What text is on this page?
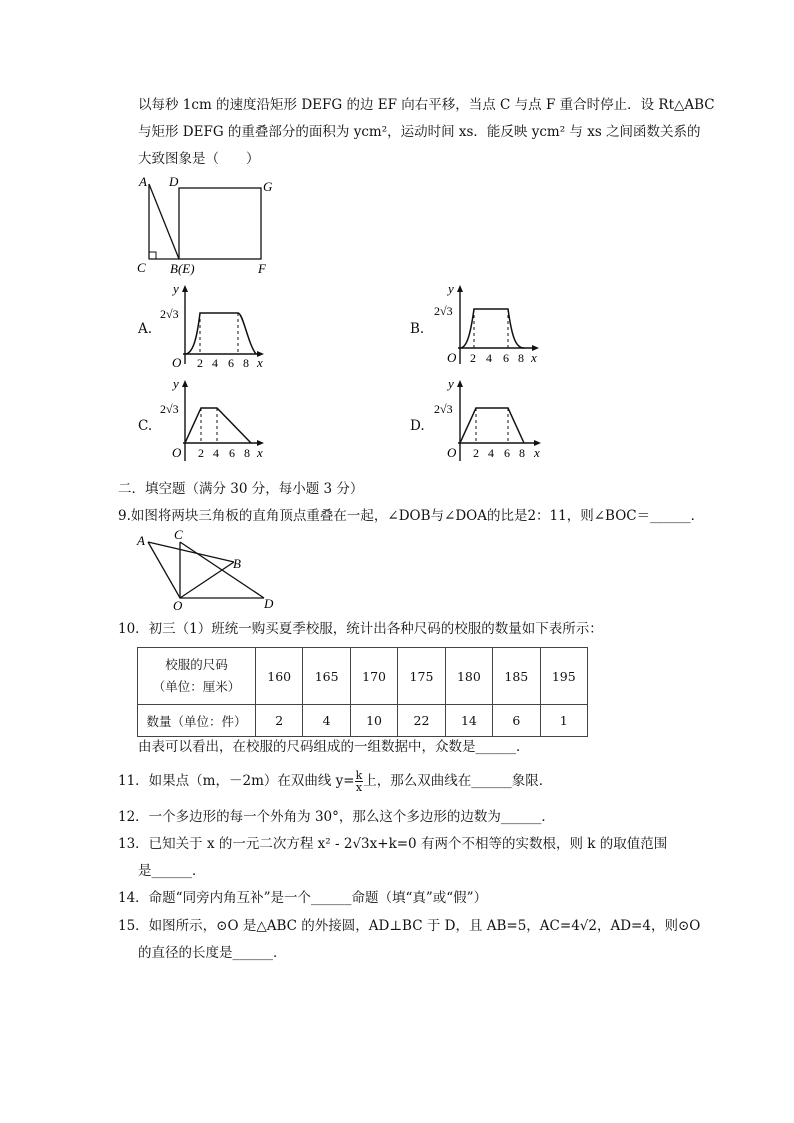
以每秒 1cm 的速度沿矩形 DEFG 的边 EF 向右平移，当点 C 与点 F 重合时停止．设 Rt△ABC
与矩形 DEFG 的重叠部分的面积为 ycm²，运动时间 xs．能反映 ycm² 与 xs 之间函数关系的
大致图象是（　　）
A D	G
C B(E)	F
A.	B.
C.	D.
y
2√3
O 2 4 6 8 x
y
2√3
O 2 4 6 8 x
y
2√3
O 2 4 6 8 x
y
2√3
O 2 4 6 8 x
二．填空题（满分 30 分，每小题 3 分）
9.如图将两块三角板的直角顶点重叠在一起，∠DOB与∠DOA的比是2：11，则∠BOC＝______．
A C
B
O	D
10．初三（1）班统一购买夏季校服，统计出各种尺码的校服的数量如下表所示：
校服的尺码
（单位：厘米）	160	165	170	175	180	185	195
数量（单位：件）	2	4	10	22	14	6	1
由表可以看出，在校服的尺码组成的一组数据中，众数是______．
11．如果点（m，－2m）在双曲线 $y= \frac{k}{x}$ 上，那么双曲线在______象限．
12．一个多边形的每一个外角为 30°，那么这个多边形的边数为______．
13．已知关于 x 的一元二次方程 x² - 2√3x+k=0 有两个不相等的实数根，则 k 的取值范围
是______．
14．命题“同旁内角互补”是一个______命题（填“真”或“假”）
15．如图所示，⊙O 是△ABC 的外接圆，AD⊥BC 于 D，且 AB=5，AC=4√2，AD=4，则⊙O
的直径的长度是______．
